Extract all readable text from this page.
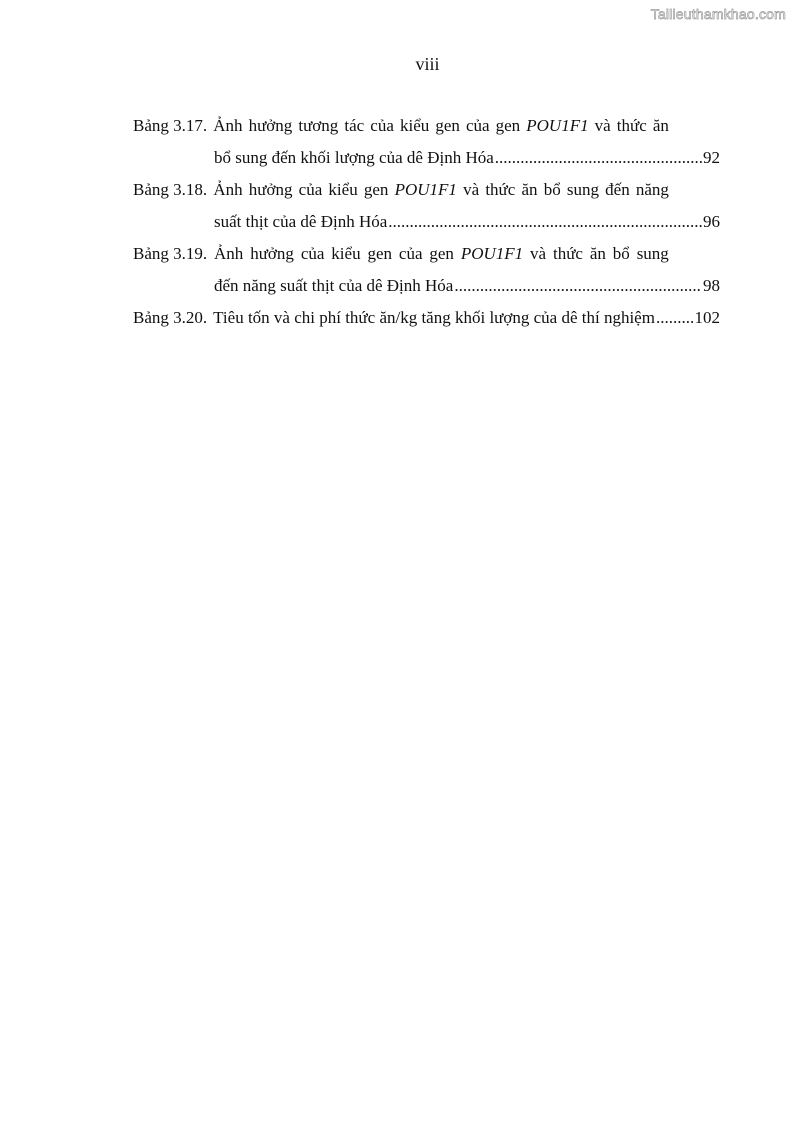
Tailieuthamkhao.com
viii
Bảng 3.17. Ảnh hưởng tương tác của kiểu gen của gen POU1F1 và thức ăn
bổ sung đến khối lượng của dê Định Hóa .....	92
Bảng 3.18. Ảnh hưởng của kiểu gen POU1F1 và thức ăn bổ sung đến năng
suất thịt của dê Định Hóa .....	96
Bảng 3.19. Ảnh hưởng của kiểu gen của gen POU1F1 và thức ăn bổ sung
đến năng suất thịt của dê Định Hóa .....	98
Bảng 3.20. Tiêu tốn và chi phí thức ăn/kg tăng khối lượng của dê thí nghiệm ..... 102
